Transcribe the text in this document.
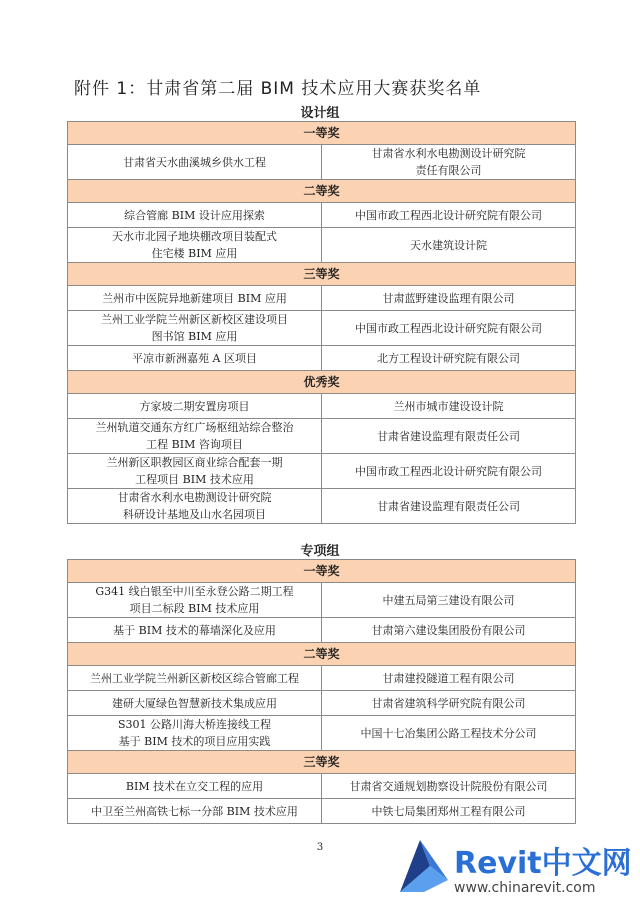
附件 1：甘肃省第二届 BIM 技术应用大赛获奖名单
设计组
一等奖	
甘肃省天水曲溪城乡供水工程	甘肃省水利水电勘测设计研究院
责任有限公司
二等奖	
综合管廊 BIM 设计应用探索	中国市政工程西北设计研究院有限公司
天水市北园子地块棚改项目装配式
住宅楼 BIM 应用	天水建筑设计院
三等奖	
兰州市中医院异地新建项目 BIM 应用	甘肃蓝野建设监理有限公司
兰州工业学院兰州新区新校区建设项目
图书馆 BIM 应用	中国市政工程西北设计研究院有限公司
平凉市新洲嘉苑 A 区项目	北方工程设计研究院有限公司
优秀奖	
方家坡二期安置房项目	兰州市城市建设设计院
兰州轨道交通东方红广场枢纽站综合整治
工程 BIM 咨询项目	甘肃省建设监理有限责任公司
兰州新区职教园区商业综合配套一期
工程项目 BIM 技术应用	中国市政工程西北设计研究院有限公司
甘肃省水利水电勘测设计研究院
科研设计基地及山水名园项目	甘肃省建设监理有限责任公司
专项组
一等奖	
G341 线白银至中川至永登公路二期工程
项目二标段 BIM 技术应用	中建五局第三建设有限公司
基于 BIM 技术的幕墙深化及应用	甘肃第六建设集团股份有限公司
二等奖	
兰州工业学院兰州新区新校区综合管廊工程	甘肃建投隧道工程有限公司
建研大厦绿色智慧新技术集成应用	甘肃省建筑科学研究院有限公司
S301 公路川海大桥连接线工程
基于 BIM 技术的项目应用实践	中国十七冶集团公路工程技术分公司
三等奖	
BIM 技术在立交工程的应用	甘肃省交通规划勘察设计院股份有限公司
中卫至兰州高铁七标一分部 BIM 技术应用	中铁七局集团郑州工程有限公司
3	Revit中文网
www.chinarevit.com
